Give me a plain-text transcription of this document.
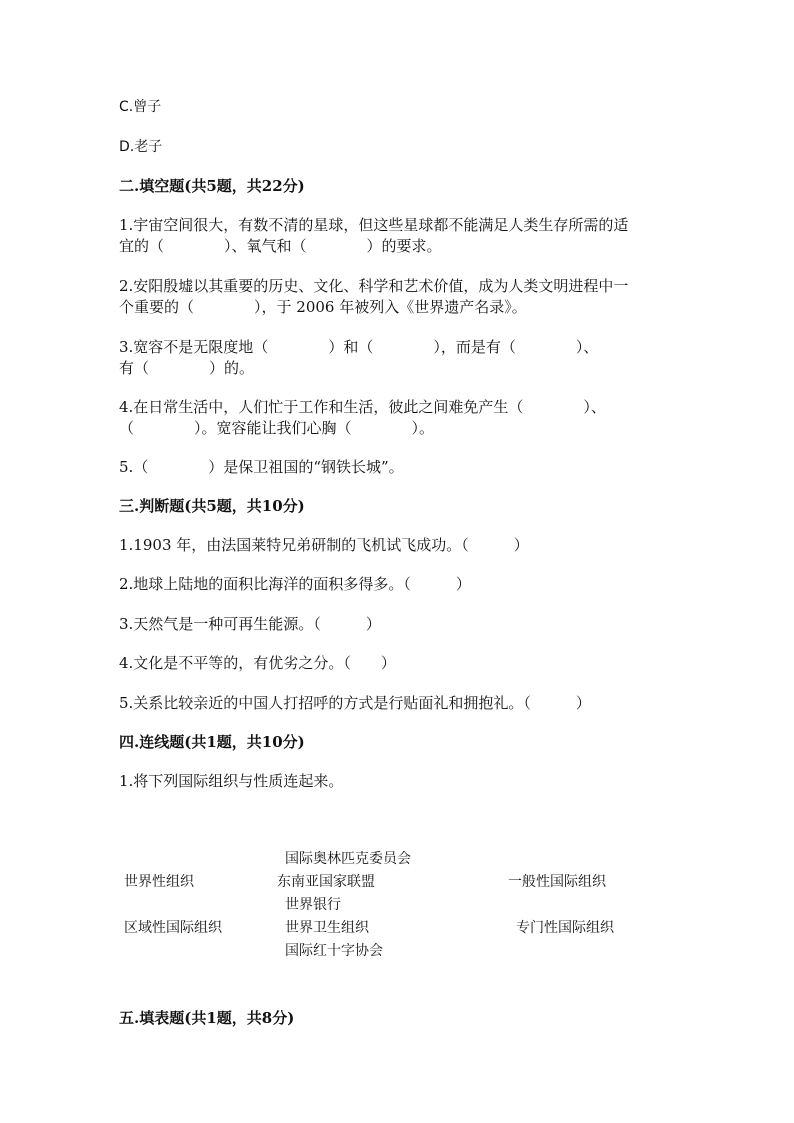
C.曾子
D.老子
二.填空题(共5题，共22分)
1.宇宙空间很大，有数不清的星球，但这些星球都不能满足人类生存所需的适
宜的（　　　　）、氧气和（　　　　）的要求。
2.安阳殷墟以其重要的历史、文化、科学和艺术价值，成为人类文明进程中一
个重要的（　　　　），于 2006 年被列入《世界遗产名录》。
3.宽容不是无限度地（　　　　）和（　　　　），而是有（　　　　）、
有（　　　　）的。
4.在日常生活中，人们忙于工作和生活，彼此之间难免产生（　　　　）、
（　　　　）。宽容能让我们心胸（　　　　）。
5.（　　　　）是保卫祖国的“钢铁长城”。
三.判断题(共5题，共10分)
1.1903 年，由法国莱特兄弟研制的飞机试飞成功。（　　　）
2.地球上陆地的面积比海洋的面积多得多。（　　　）
3.天然气是一种可再生能源。（　　　）
4.文化是不平等的，有优劣之分。（　　）
5.关系比较亲近的中国人打招呼的方式是行贴面礼和拥抱礼。（　　　）
四.连线题(共1题，共10分)
1.将下列国际组织与性质连起来。
世界性组织
区域性国际组织
国际奥林匹克委员会
东南亚国家联盟
世界银行
世界卫生组织
国际红十字协会
一般性国际组织
专门性国际组织
五.填表题(共1题，共8分)
